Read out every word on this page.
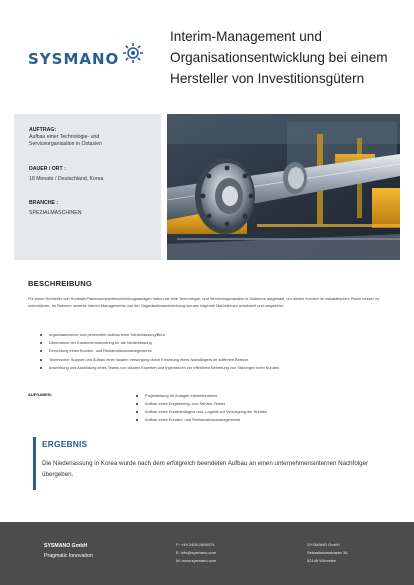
SYSMANO
Interim-Management und Organisationsentwicklung bei einem Hersteller von Investitionsgütern
AUFTRAG:
Aufbau einer Technologie- und Serviceorganisation in Ostasien
DAUER / ORT :
18 Monate / Deutschland, Korea
BRANCHE :
SPEZIALMASCHINEN
BESCHREIBUNG

Für einen Hersteller von Rohblatt-Planmaschinenbeschichtungsanlagen haben wir eine Technologie- und Serviceorganisation in Südkorea aufgebaut, um diesen Kunden im ostasiatischen Raum besser zu unterstützen. Im Rahmen unseres Interim-Managements und der Organisationsentwicklung wurden folgende Maßnahmen entwickelt und umgesetzt:

organisatorischer und personeller Aufbau einer Niederlassung/Büro
Übernahme der Kostenverantwortung für die Niederlassung
Einrichtung eines Kunden- und Reklamationsmanagements
Technischer Support und Aufbau einer lokalen Versorgung durch Errichtung eines Notfalllagers im zollfreien Bereich
Anwerbung und Ausbildung eines Teams von lokalen Experten und Ingenieuren zur effektiven Behebung von Störungen beim Kunden
AUFGABEN:	Projektleitung für Anlagen Inbetriebnahme
Aufbau eines Engineering- und Service-Teams
Aufbau eines Ersatzteillagers und -Logistik zur Versorgung der Kunden
Aufbau eines Kunden- und Reklamationsmanagements
ERGEBNIS
Die Niederlassung in Korea wurde nach dem erfolgreich beendeten Aufbau an einen unternehmensinternen Nachfolger übergeben.
SYSMANO GmbH
Pragmatic Innovation
P: +49 2405 2898074
E: info@sysmano.com
W: www.sysmano.com
SYSMANO GmbH
Sebastianusstrasse 36
52146 Würselen
